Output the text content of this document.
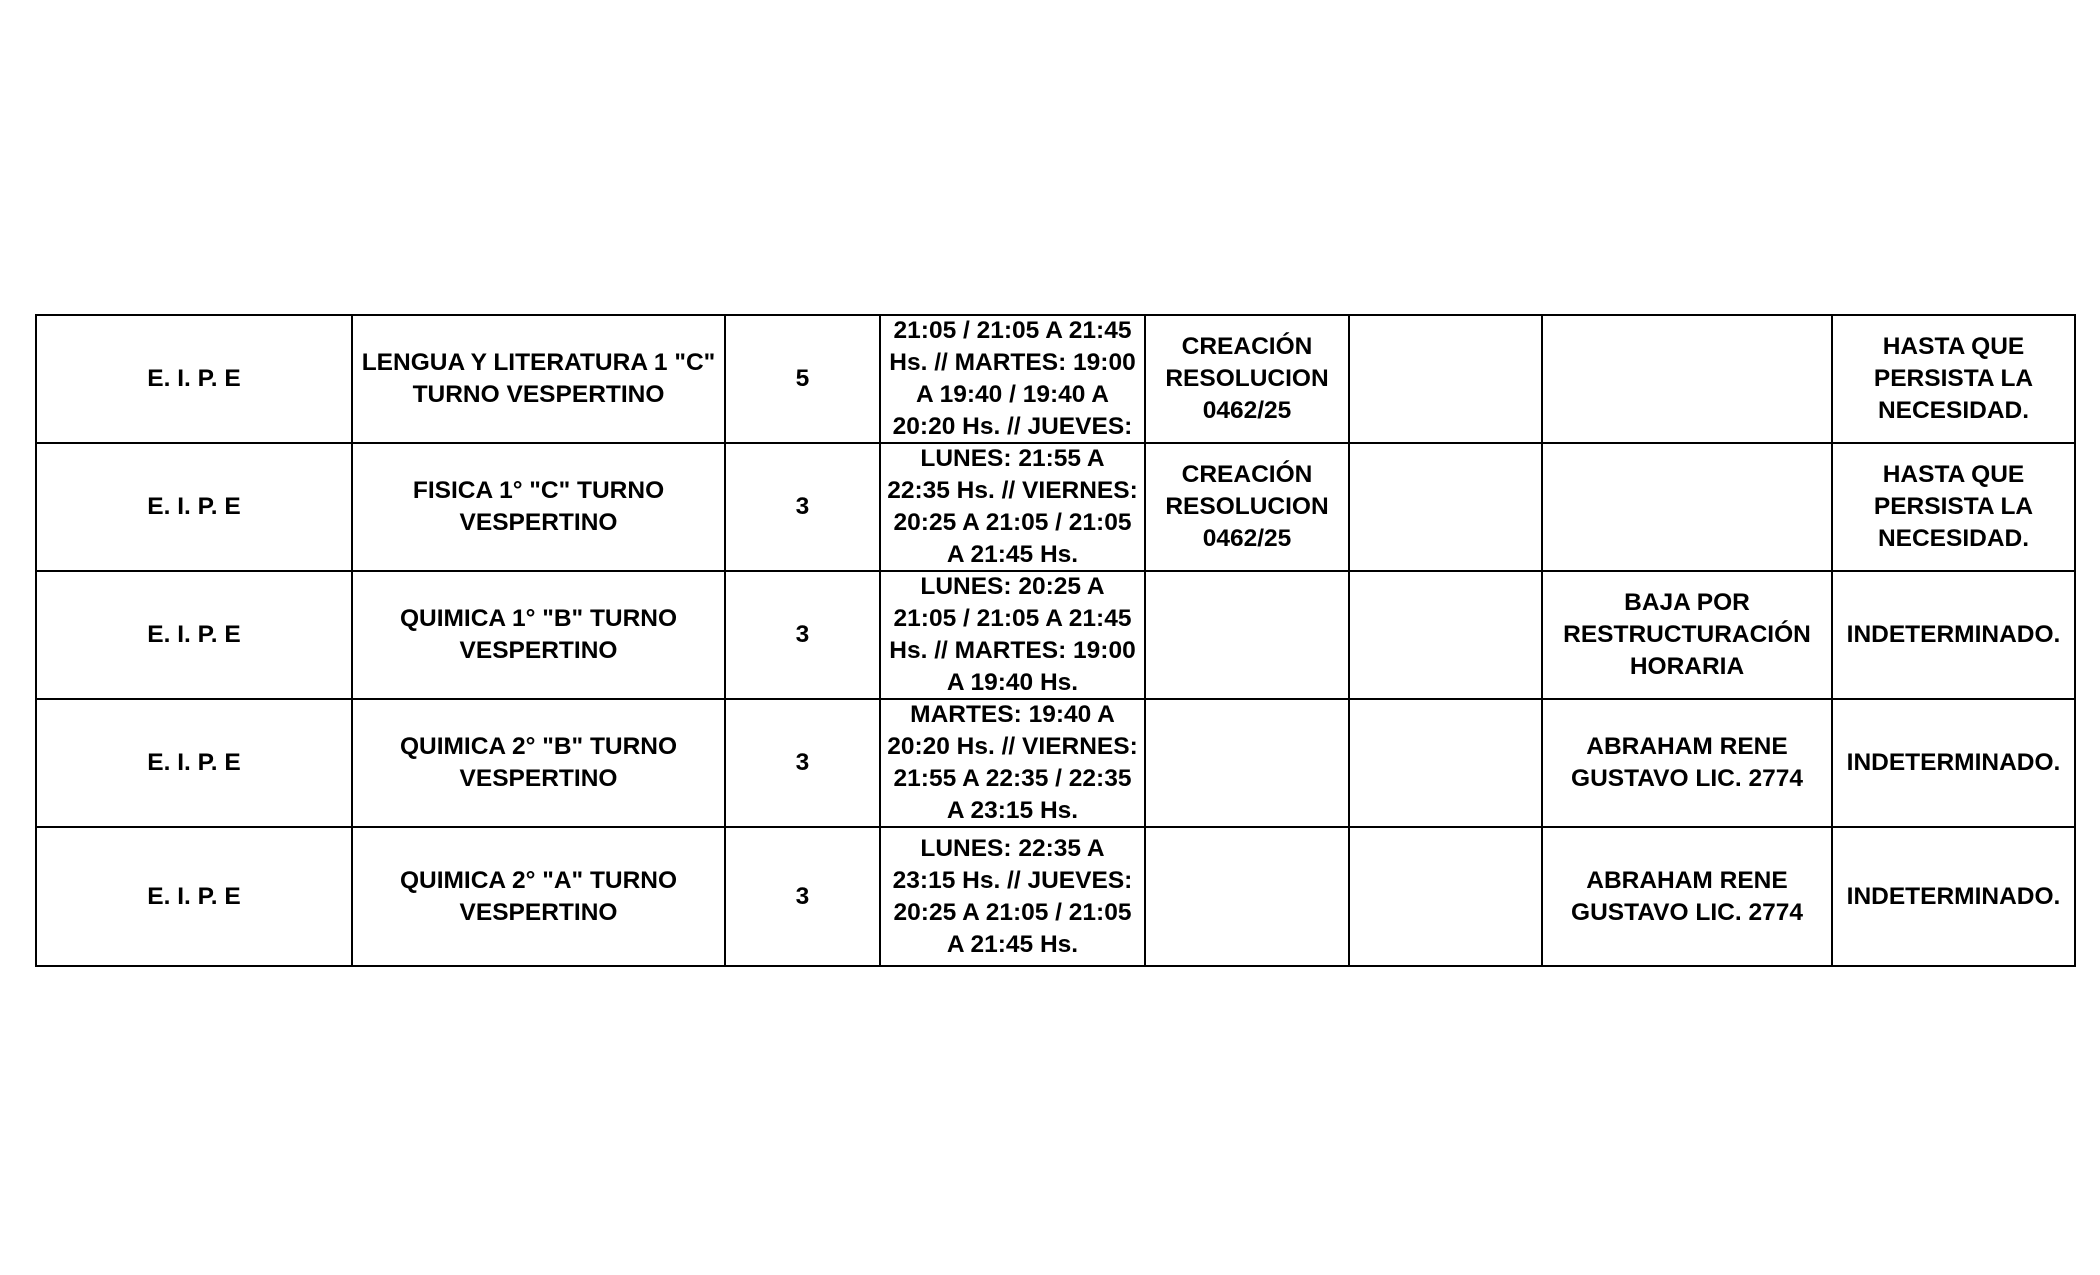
E. I. P. E	LENGUA Y LITERATURA 1 "C" TURNO VESPERTINO	5	21:05 / 21:05 A 21:45 Hs. // MARTES: 19:00 A 19:40 / 19:40 A 20:20 Hs. // JUEVES:	CREACIÓN RESOLUCION 0462/25			HASTA QUE PERSISTA LA NECESIDAD.

E. I. P. E	FISICA 1° "C" TURNO VESPERTINO	3	LUNES: 21:55 A 22:35 Hs. // VIERNES: 20:25 A 21:05 / 21:05 A 21:45 Hs.	CREACIÓN RESOLUCION 0462/25			HASTA QUE PERSISTA LA NECESIDAD.

E. I. P. E	QUIMICA 1° "B" TURNO VESPERTINO	3	LUNES: 20:25 A 21:05 / 21:05 A 21:45 Hs. // MARTES: 19:00 A 19:40 Hs.			BAJA POR RESTRUCTURACIÓN HORARIA	INDETERMINADO.

E. I. P. E	QUIMICA 2° "B" TURNO VESPERTINO	3	MARTES: 19:40 A 20:20 Hs. // VIERNES: 21:55 A 22:35 / 22:35 A 23:15 Hs.			ABRAHAM RENE GUSTAVO LIC. 2774	INDETERMINADO.

E. I. P. E	QUIMICA 2° "A" TURNO VESPERTINO	3	LUNES: 22:35 A 23:15 Hs. // JUEVES: 20:25 A 21:05 / 21:05 A 21:45 Hs.			ABRAHAM RENE GUSTAVO LIC. 2774	INDETERMINADO.
